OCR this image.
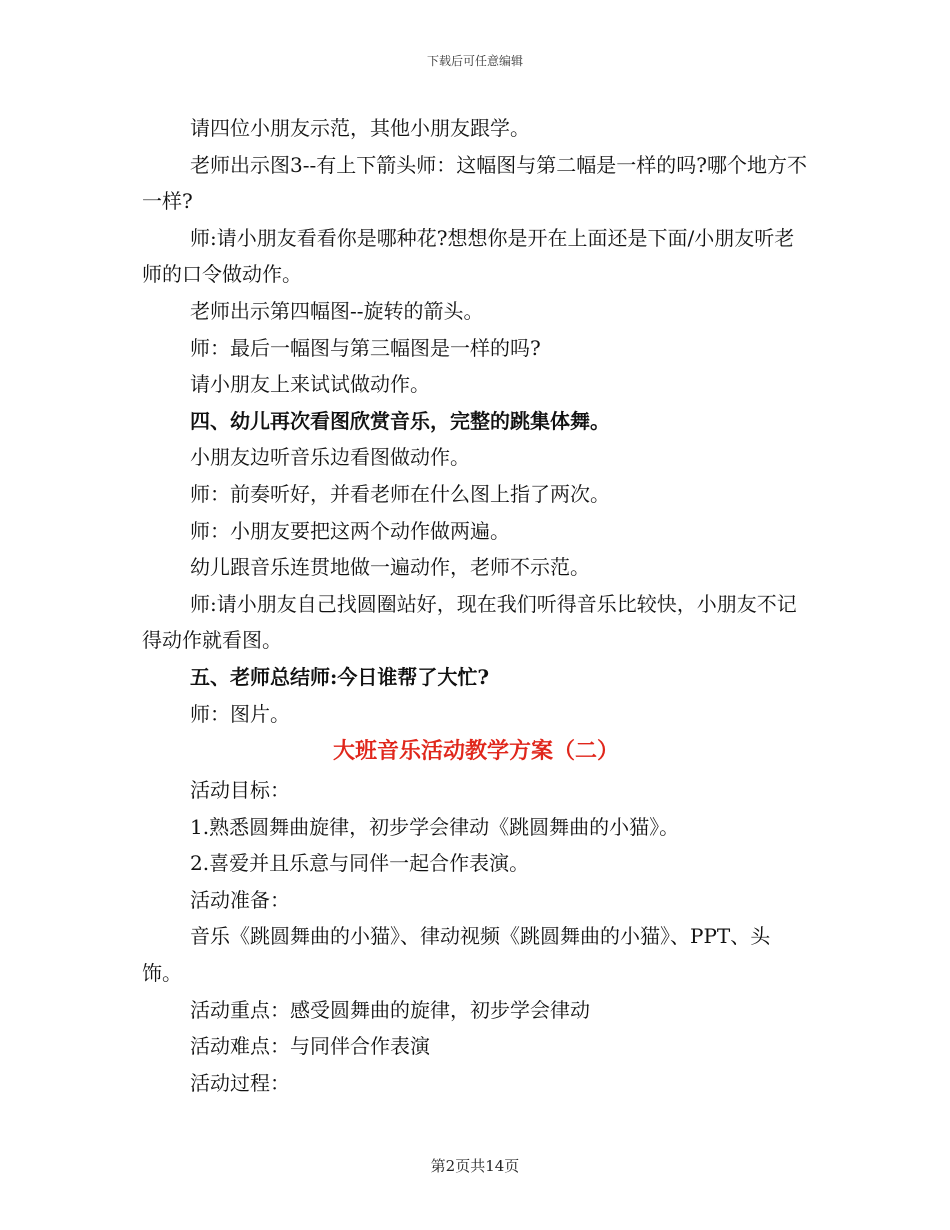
下载后可任意编辑

请四位小朋友示范，其他小朋友跟学。

老师出示图3--有上下箭头师：这幅图与第二幅是一样的吗?哪个地方不一样?

师:请小朋友看看你是哪种花?想想你是开在上面还是下面/小朋友听老师的口令做动作。

老师出示第四幅图--旋转的箭头。

师：最后一幅图与第三幅图是一样的吗?

请小朋友上来试试做动作。

四、幼儿再次看图欣赏音乐，完整的跳集体舞。

小朋友边听音乐边看图做动作。

师：前奏听好，并看老师在什么图上指了两次。

师：小朋友要把这两个动作做两遍。

幼儿跟音乐连贯地做一遍动作，老师不示范。

师:请小朋友自己找圆圈站好，现在我们听得音乐比较快，小朋友不记得动作就看图。

五、老师总结师:今日谁帮了大忙?

师：图片。

大班音乐活动教学方案（二）

活动目标：

1.熟悉圆舞曲旋律，初步学会律动《跳圆舞曲的小猫》。

2.喜爱并且乐意与同伴一起合作表演。

活动准备：

音乐《跳圆舞曲的小猫》、律动视频《跳圆舞曲的小猫》、PPT、头饰。

活动重点：感受圆舞曲的旋律，初步学会律动

活动难点：与同伴合作表演

活动过程：

第2页共14页
